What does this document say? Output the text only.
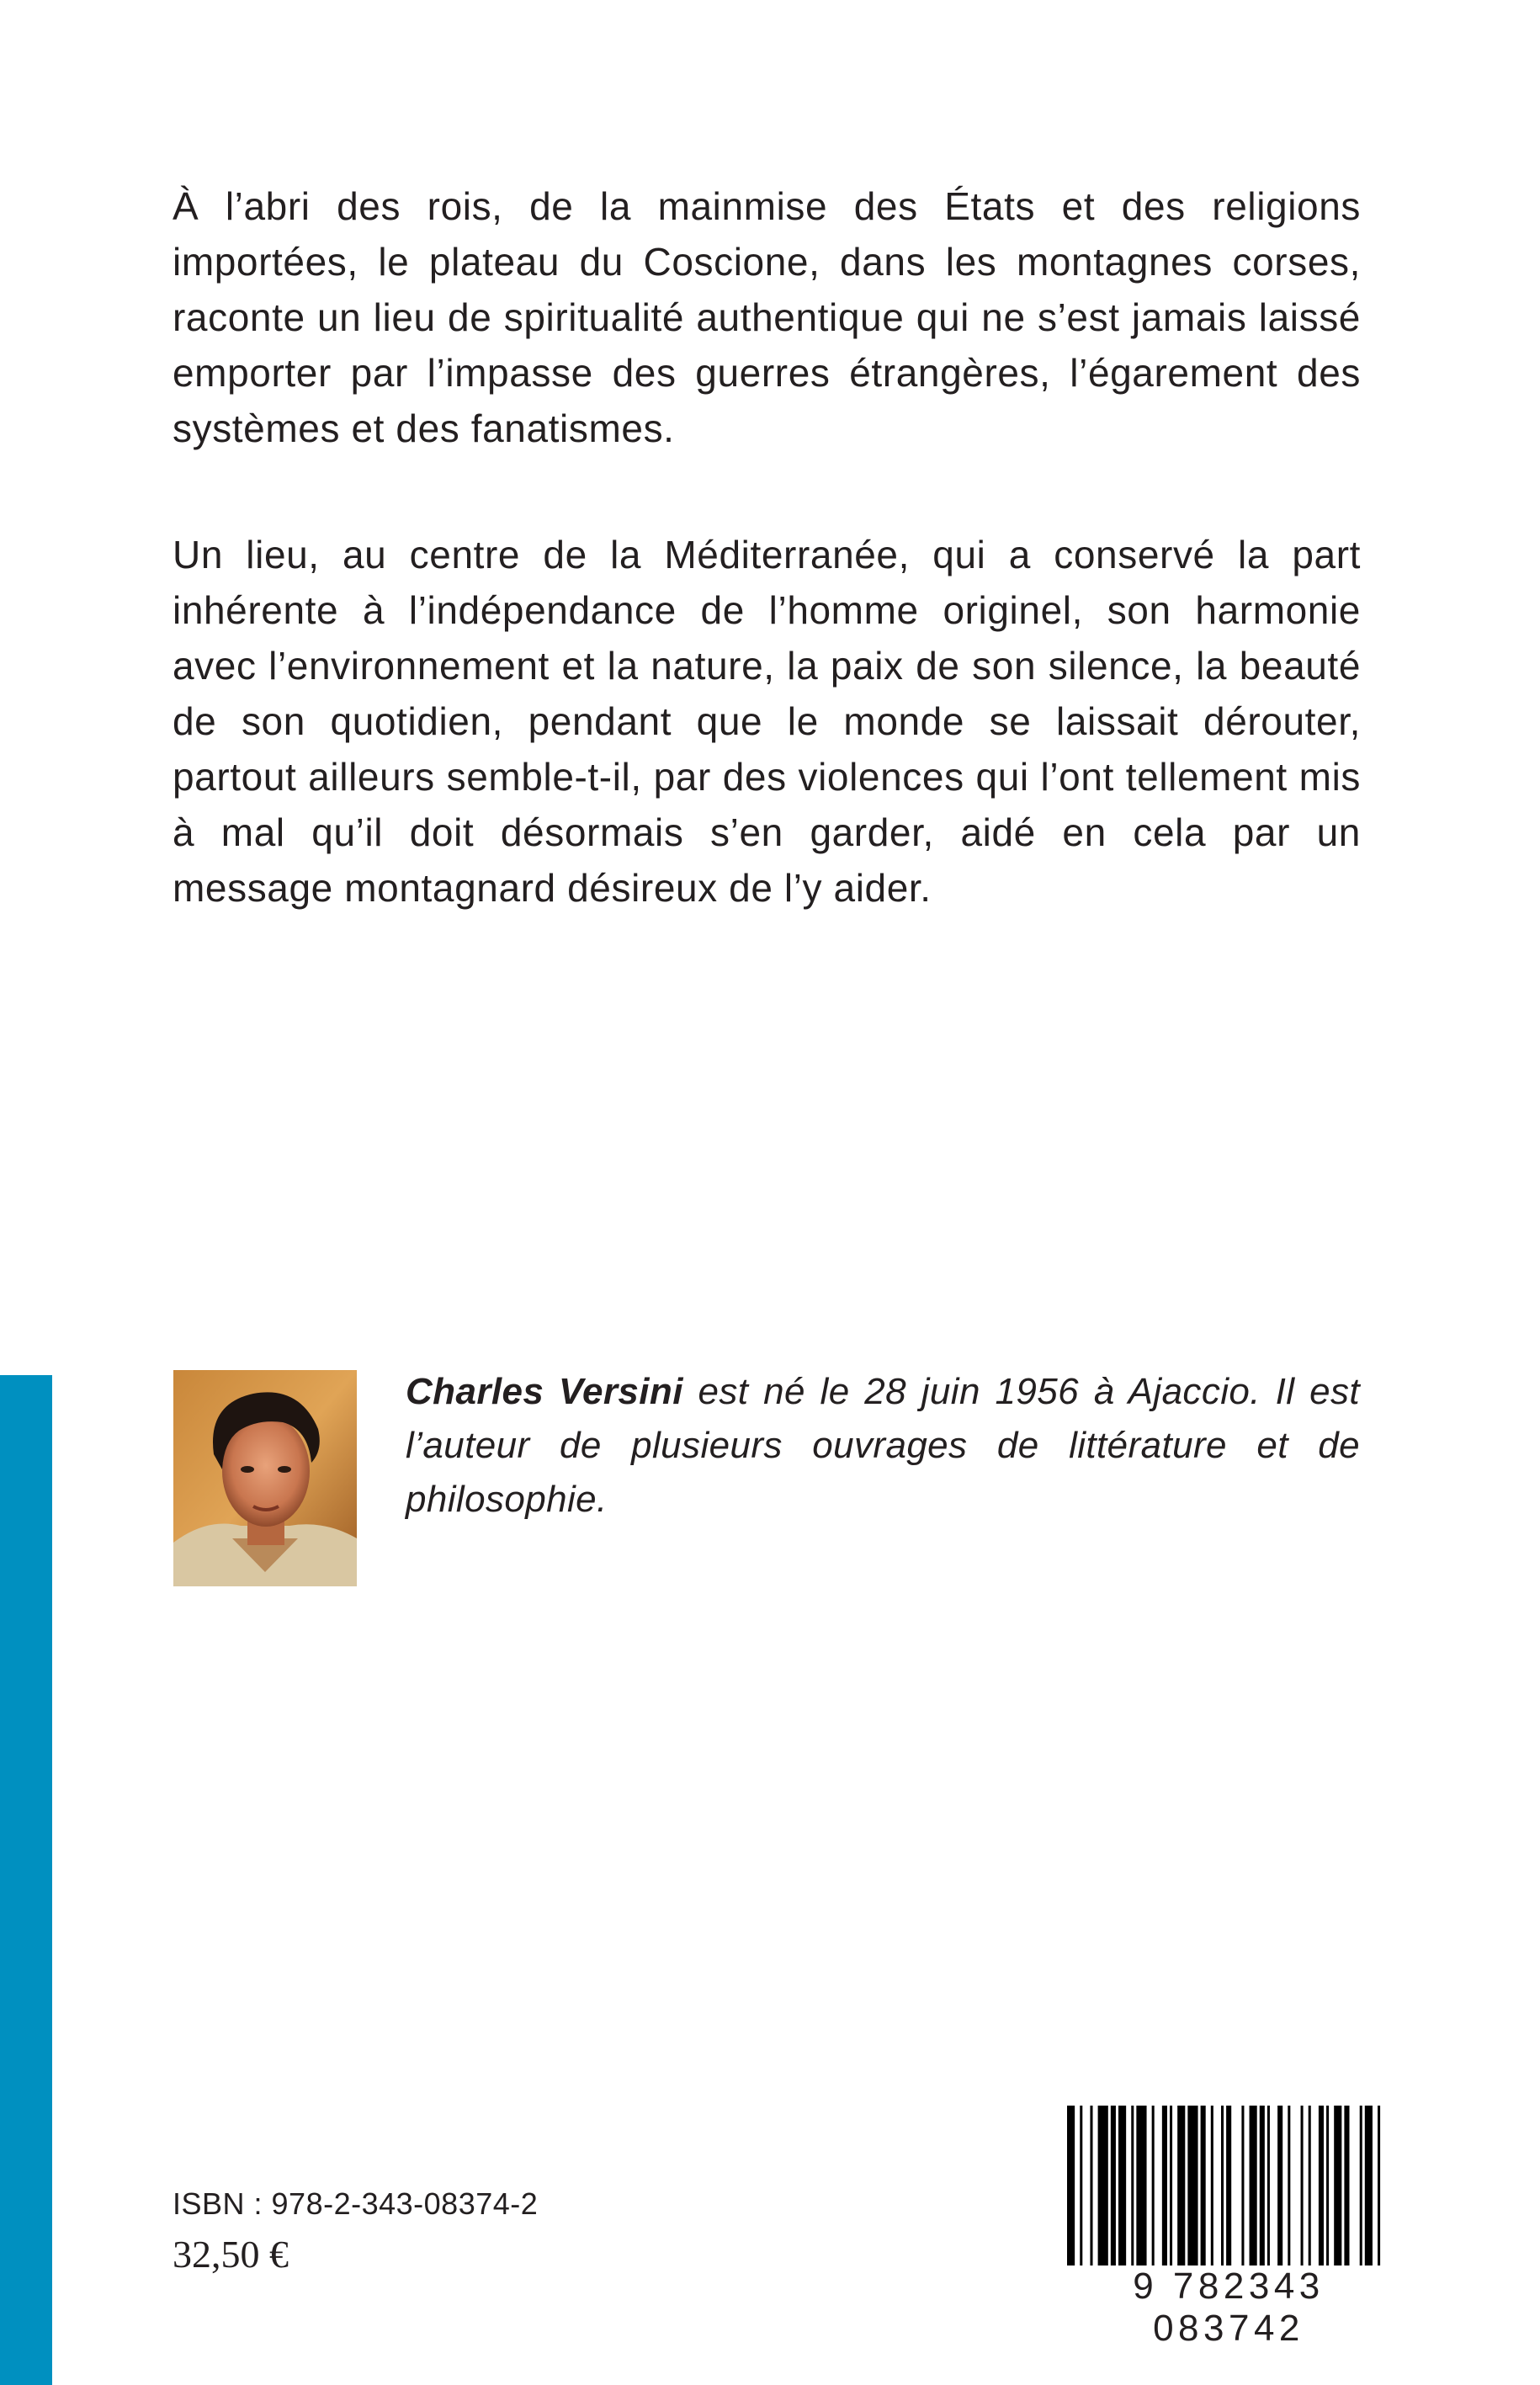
À l’abri des rois, de la mainmise des États et des religions importées, le plateau du Coscione, dans les montagnes corses, raconte un lieu de spiritualité authentique qui ne s’est jamais laissé emporter par l’impasse des guerres étrangères, l’égarement des systèmes et des fanatismes.

Un lieu, au centre de la Méditerranée, qui a conservé la part inhérente à l’indépendance de l’homme originel, son harmonie avec l’environnement et la nature, la paix de son silence, la beauté de son quotidien, pendant que le monde se laissait dérouter, partout ailleurs semble-t-il, par des violences qui l’ont tellement mis à mal qu’il doit désormais s’en garder, aidé en cela par un message montagnard désireux de l’y aider.

Charles Versini est né le 28 juin 1956 à Ajaccio. Il est l’auteur de plusieurs ouvrages de littérature et de philosophie.
ISBN : 978-2-343-08374-2
32,50 €
9 782343 083742
